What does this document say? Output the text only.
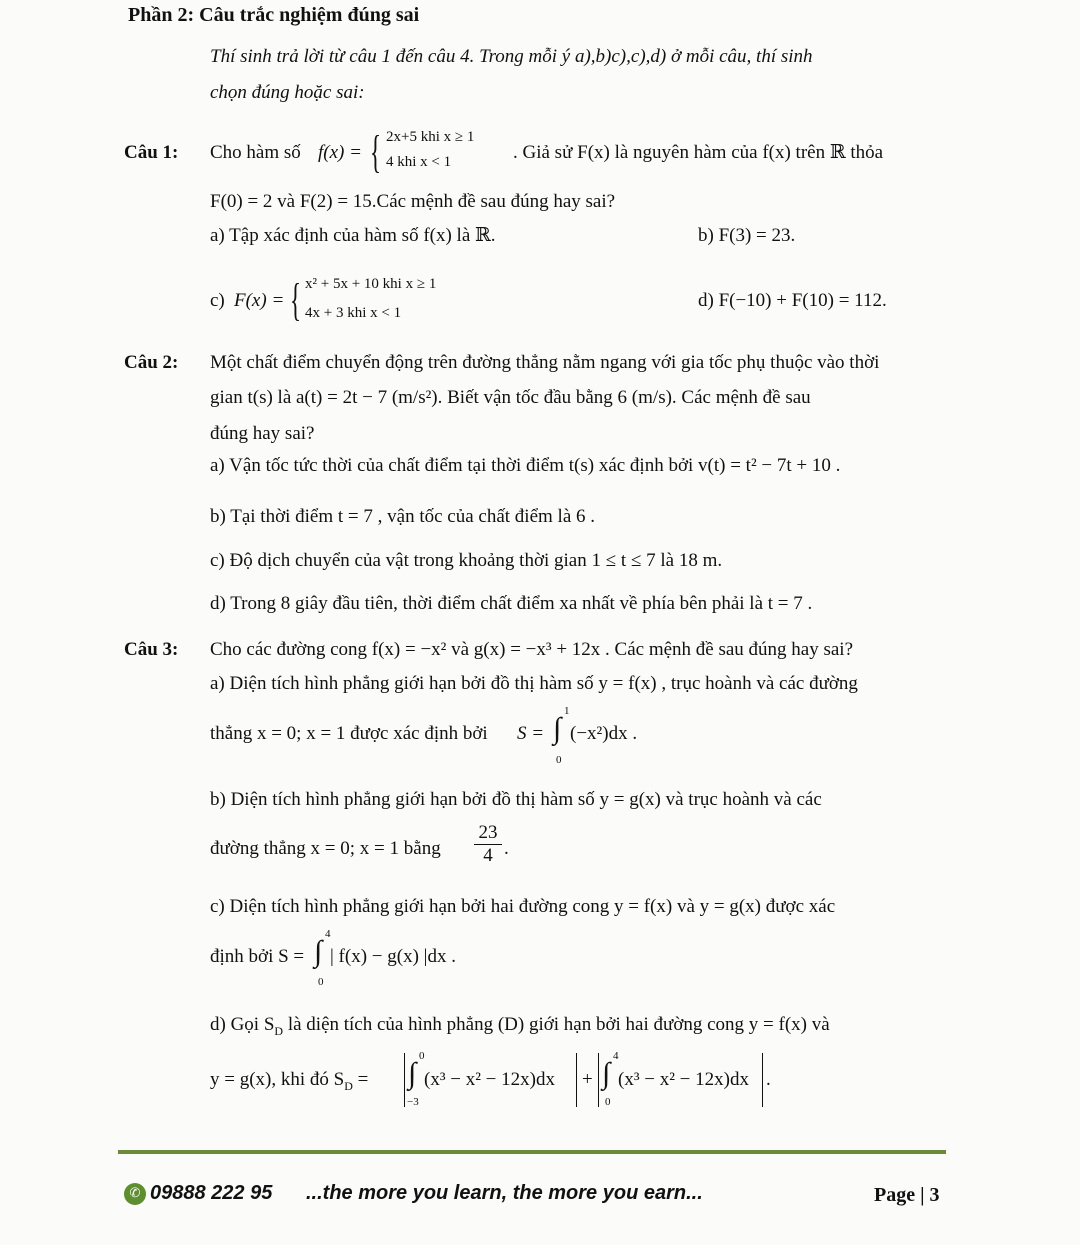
Phần 2: Câu trắc nghiệm đúng sai
Thí sinh trả lời từ câu 1 đến câu 4. Trong mỗi ý a),b)c),c),d) ở mỗi câu, thí sinh
chọn đúng hoặc sai:
Câu 1: Cho hàm số f(x) = { 2x+5 khi x ≥ 1
4 khi x < 1	. Giả sử F(x) là nguyên hàm của f(x) trên ℝ thỏa
F(0) = 2 và F(2) = 15.Các mệnh đề sau đúng hay sai?
a) Tập xác định của hàm số f(x) là ℝ.	b) F(3) = 23.
c) F(x) = { x² + 5x + 10 khi x ≥ 1
4x + 3 khi x < 1
d) F(−10) + F(10) = 112.
Câu 2: Một chất điểm chuyển động trên đường thẳng nằm ngang với gia tốc phụ thuộc vào thời
gian t(s) là a(t) = 2t − 7 (m/s²). Biết vận tốc đầu bằng 6 (m/s). Các mệnh đề sau
đúng hay sai?
a) Vận tốc tức thời của chất điểm tại thời điểm t(s) xác định bởi v(t) = t² − 7t + 10 .
b) Tại thời điểm t = 7 , vận tốc của chất điểm là 6 .
c) Độ dịch chuyển của vật trong khoảng thời gian 1 ≤ t ≤ 7 là 18 m.
d) Trong 8 giây đầu tiên, thời điểm chất điểm xa nhất về phía bên phải là t = 7 .
Câu 3: Cho các đường cong f(x) = −x² và g(x) = −x³ + 12x . Các mệnh đề sau đúng hay sai?
a) Diện tích hình phẳng giới hạn bởi đồ thị hàm số y = f(x) , trục hoành và các đường
thẳng x = 0; x = 1 được xác định bởi S = ∫
1
0
(−x²)dx .
b) Diện tích hình phẳng giới hạn bởi đồ thị hàm số y = g(x) và trục hoành và các
đường thẳng x = 0; x = 1 bằng $\frac{23}{4}$ .
c) Diện tích hình phẳng giới hạn bởi hai đường cong y = f(x) và y = g(x) được xác
định bởi S = ∫
4
0
| f(x) − g(x) |dx .
d) Gọi $S_D$ là diện tích của hình phẳng (D) giới hạn bởi hai đường cong y = f(x) và
y = g(x), khi đó $S_D$ = ∫
0
−3
(x³ − x² − 12x)dx + ∫
4
0
(x³ − x² − 12x)dx .
✆ 09888 222 95 ...the more you learn, the more you earn...	Page | 3
